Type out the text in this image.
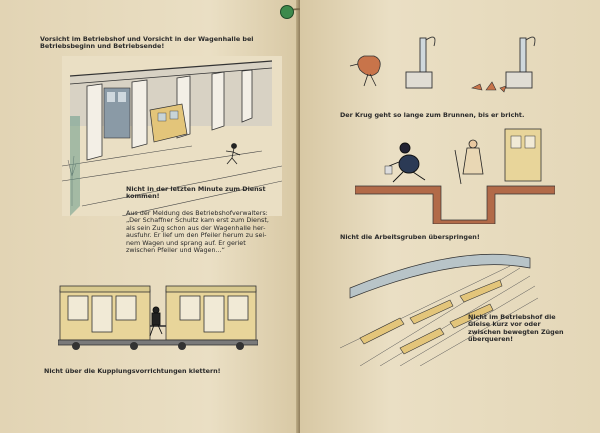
Vorsicht im Betriebshof und Vorsicht in der Wagenhalle bei Betriebsbeginn und Betriebsende!
Nicht in der letzten Minute zum Dienst kommen!
Aus der Meldung des Betriebshofverwalters:
„Der Schaffner Schultz kam erst zum Dienst,
als sein Zug schon aus der Wagenhalle her-
ausfuhr. Er lief um den Pfeiler herum zu sei-
nem Wagen und sprang auf. Er geriet
zwischen Pfeiler und Wagen...“
Nicht über die Kupplungsvorrichtungen klettern!
Der Krug geht so lange zum Brunnen, bis er bricht.
Nicht die Arbeitsgruben überspringen!
Nicht im Betriebshof die Gleise kurz vor oder zwischen bewegten Zügen überqueren!
